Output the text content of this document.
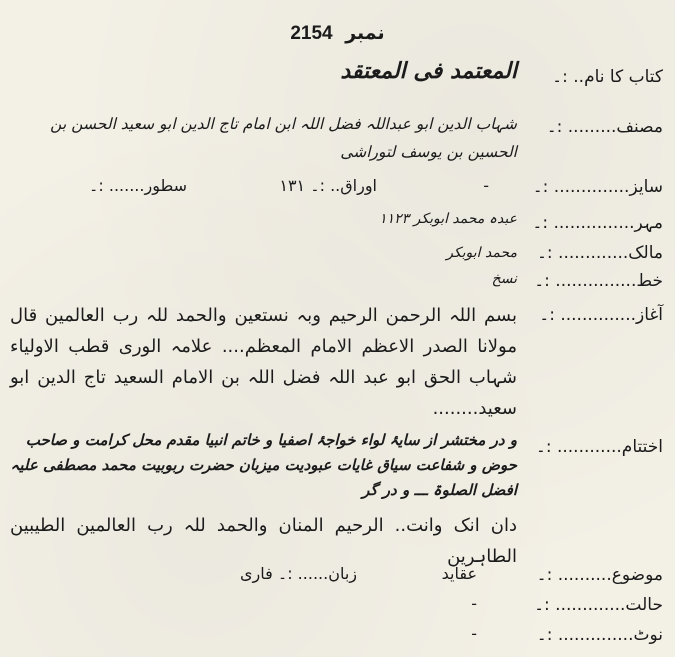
نمبر 2154
کتاب کا نام.. :۔
المعتمد فی المعتقد
مصنف......... :۔
شہاب الدین ابو عبداللہ فضل اللہ ابن امام تاج الدین ابو سعید الحسن بن الحسین بن یوسف لتوراشی
سایز.............. :۔
-
اوراق.. :۔ ۱۳۱
سطور....... :۔
مہر............... :۔
عبدہ محمد ابوبکر ۱۱۲۳
مالک............. :۔
محمد ابوبکر
خط............... :۔
نسخ
آغاز.............. :۔
بسم اللہ الرحمن الرحیم وبہ نستعین والحمد للہ رب العالمین قال مولانا الصدر الاعظم الامام المعظم.... علامہ الوری قطب الاولیاء شہاب الحق ابو عبد اللہ فضل اللہ بن الامام السعید تاج الدین ابو سعید........
اختتام............ :۔
و در مختشر از سایۂ لواء خواجۂ اصفیا و خاتم انبیا مقدم محل کرامت و صاحب حوض و شفاعت سیاق غایات عبودیت میزبان حضرت ربوبیت محمد مصطفی علیہ افضل الصلوۃ ـــ و در گر
دان انک وانت.. الرحیم المنان والحمد للہ رب العالمین الطیبین الطاہرین
موضوع.......... :۔
عقاید
زبان...... :۔ فاری
حالت............. :۔
-
نوٹ.............. :۔
-
